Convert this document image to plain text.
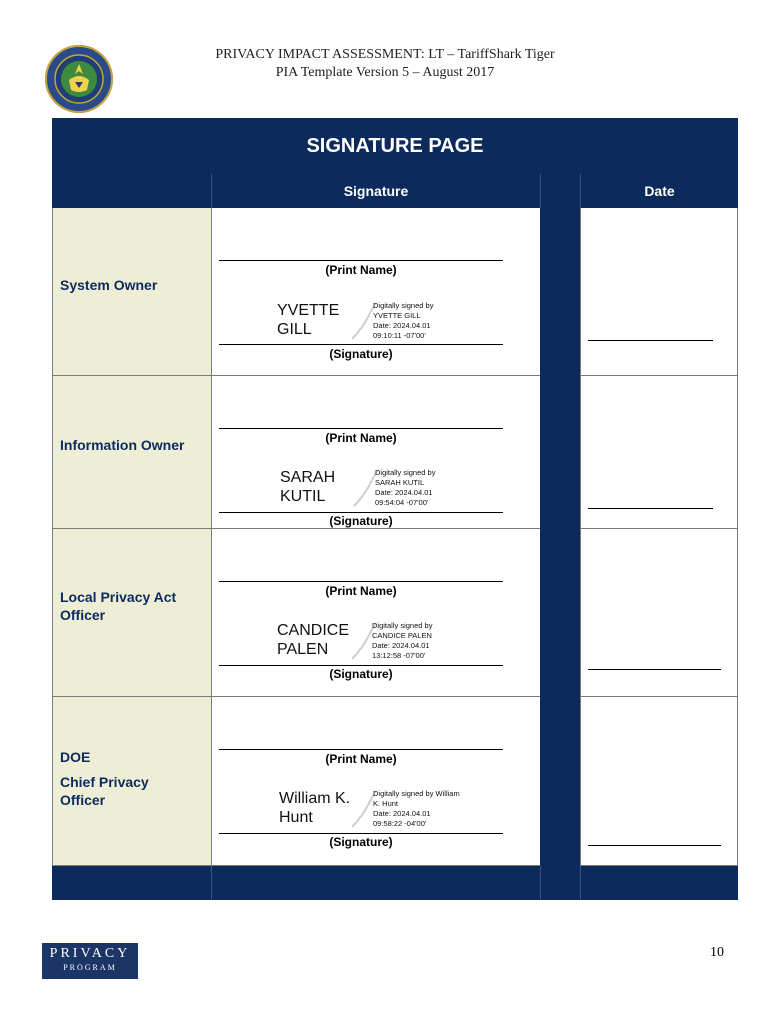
PRIVACY IMPACT ASSESSMENT: LT – TariffShark Tiger
PIA Template Version 5 – August 2017
SIGNATURE PAGE
Signature	Date
System Owner
(Print Name)
YVETTE
GILL
Digitally signed by
YVETTE GILL
Date: 2024.04.01
09:10:11 -07'00'
(Signature)
Information Owner	(Print Name)
SARAH
KUTIL
Digitally signed by
SARAH KUTIL
Date: 2024.04.01
09:54:04 -07'00'
(Signature)
Local Privacy Act
Officer
(Print Name)
CANDICE
PALEN
Digitally signed by
CANDICE PALEN
Date: 2024.04.01
13:12:58 -07'00'
(Signature)
DOE
Chief Privacy
Officer
(Print Name)
William K.
Hunt
Digitally signed by William
K. Hunt
Date: 2024.04.01
09:58:22 -04'00'
(Signature)
PRIVACY
PROGRAM
10
